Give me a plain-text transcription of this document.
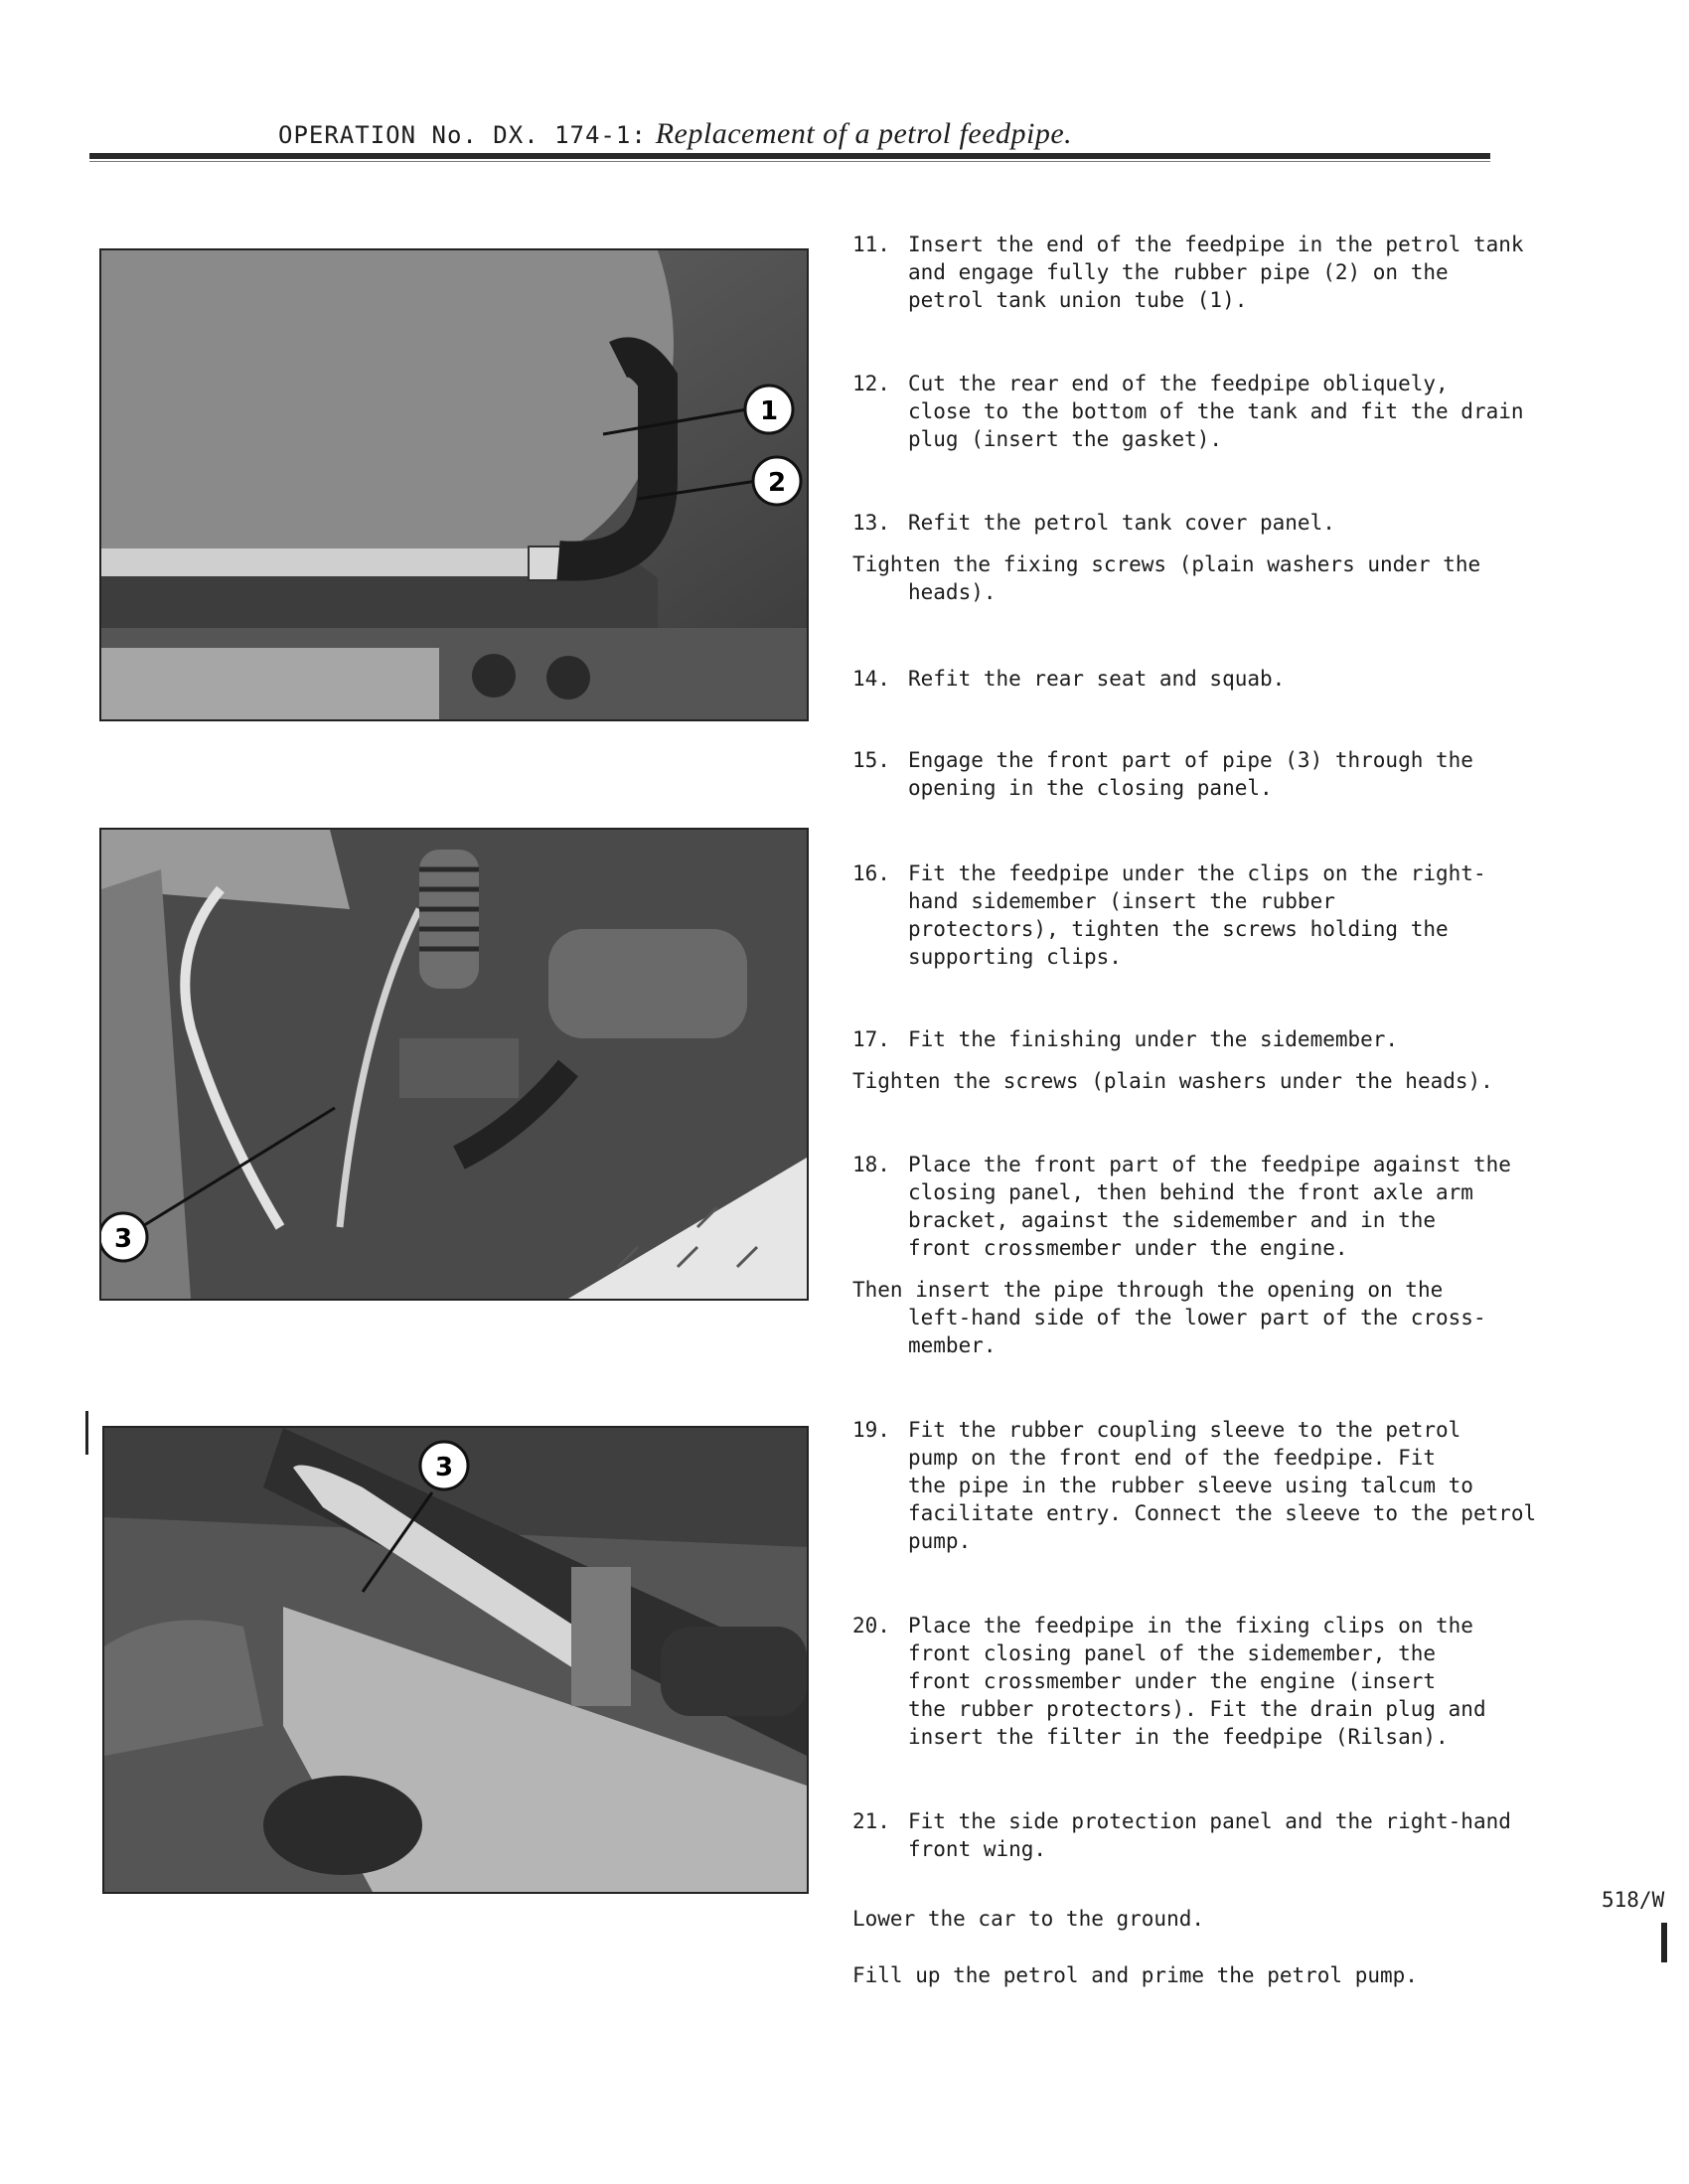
OPERATION No. DX. 174-1: Replacement of a petrol feedpipe.
1
2
3
3
11. Insert the end of the feedpipe in the petrol tank
and engage fully the rubber pipe (2) on the
petrol tank union tube (1).
12. Cut the rear end of the feedpipe obliquely,
close to the bottom of the tank and fit the drain
plug (insert the gasket).
13. Refit the petrol tank cover panel.
Tighten the fixing screws (plain washers under the
heads).
14. Refit the rear seat and squab.
15. Engage the front part of pipe (3) through the
opening in the closing panel.
16. Fit the feedpipe under the clips on the right-
hand sidemember (insert the rubber
protectors), tighten the screws holding the
supporting clips.
17. Fit the finishing under the sidemember.
Tighten the screws (plain washers under the heads).
18. Place the front part of the feedpipe against the
closing panel, then behind the front axle arm
bracket, against the sidemember and in the
front crossmember under the engine.
Then insert the pipe through the opening on the
left-hand side of the lower part of the cross-
member.
19. Fit the rubber coupling sleeve to the petrol
pump on the front end of the feedpipe. Fit
the pipe in the rubber sleeve using talcum to
facilitate entry. Connect the sleeve to the petrol
pump.
20. Place the feedpipe in the fixing clips on the
front closing panel of the sidemember, the
front crossmember under the engine (insert
the rubber protectors). Fit the drain plug and
insert the filter in the feedpipe (Rilsan).
21. Fit the side protection panel and the right-hand
front wing.
Lower the car to the ground.
Fill up the petrol and prime the petrol pump.
518/W
